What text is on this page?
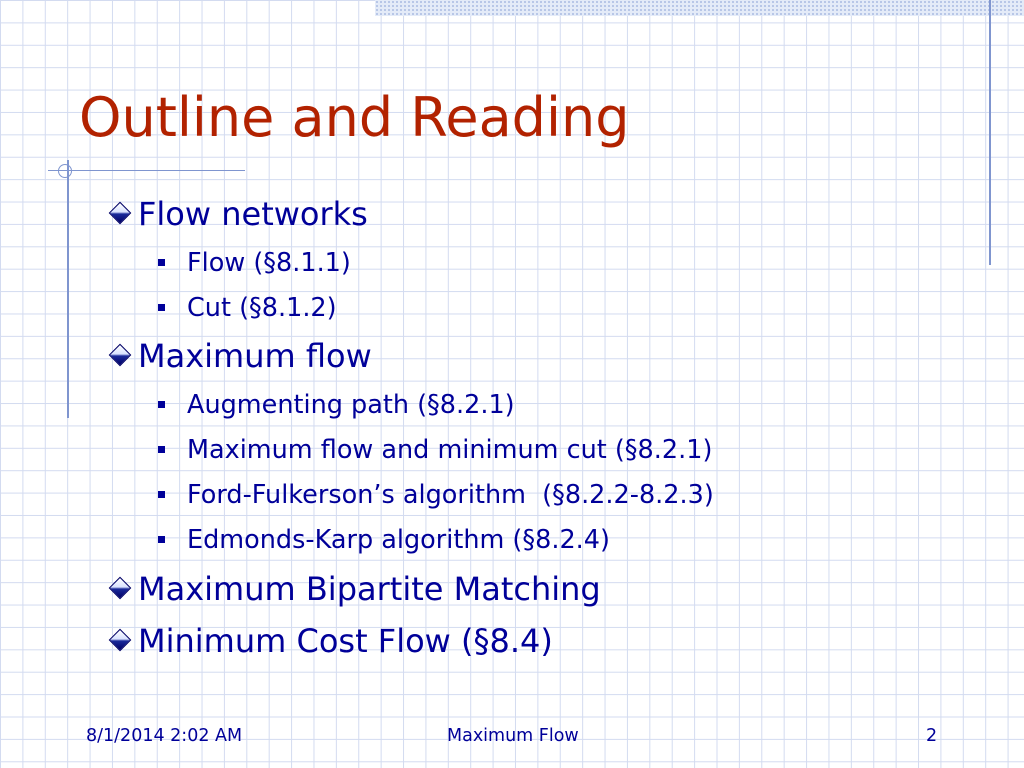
Outline and Reading
Flow networks
Flow (§8.1.1)
Cut (§8.1.2)
Maximum flow
Augmenting path (§8.2.1)
Maximum flow and minimum cut (§8.2.1)
Ford-Fulkerson’s algorithm  (§8.2.2-8.2.3)
Edmonds-Karp algorithm (§8.2.4)
Maximum Bipartite Matching
Minimum Cost Flow (§8.4)
8/1/2014 2:02 AM	Maximum Flow	2
